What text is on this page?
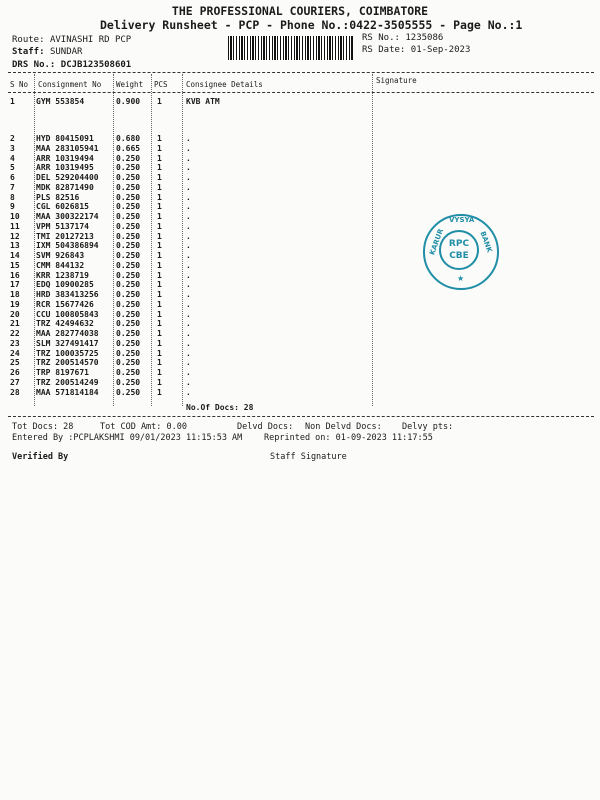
THE PROFESSIONAL COURIERS, COIMBATORE
Delivery Runsheet - PCP - Phone No.:0422-3505555 - Page No.:1
Route: AVINASHI RD PCP
Staff: SUNDAR
DRS No.: DCJB123508601
RS No.: 1235086
RS Date: 01-Sep-2023
S No Consignment No Weight PCS Consignee Details	Signature
1	GYM 553854	0.900 1	KVB ATM
2	HYD 80415091	0.680 1	.
3	MAA 283105941 0.665 1	.
4	ARR 10319494	0.250 1	.
5	ARR 10319495	0.250 1	.
6	DEL 529204400 0.250 1	.
7	MDK 82871490	0.250 1	.
8	PLS 82516	0.250 1	.
9	CGL 6026815	0.250 1	.
10 MAA 300322174 0.250 1	.
11 VPM 5137174	0.250 1	.
12 TMI 20127213	0.250 1	.
13 IXM 504386894 0.250 1	.
14 SVM 926843	0.250 1	.
15 CMM 844132	0.250 1	.
16 KRR 1238719	0.250 1	.
17 EDQ 10900285	0.250 1	.
18 HRD 383413256 0.250 1	.
19 RCR 15677426	0.250 1	.
20 CCU 100805843 0.250 1	.
21 TRZ 42494632	0.250 1	.
22 MAA 282774038 0.250 1	.
23 SLM 327491417 0.250 1	.
24 TRZ 100035725 0.250 1	.
25 TRZ 200514570 0.250 1	.
26 TRP 8197671	0.250 1	.
27 TRZ 200514249 0.250 1	.
28 MAA 571814184 0.250 1	.
No.Of Docs: 28
Tot Docs: 28	Tot COD Amt: 0.00	Delvd Docs: Non Delvd Docs: Delvy pts:
Entered By :PCPLAKSHMI 09/01/2023 11:15:53 AM	Reprinted on: 01-09-2023 11:17:55
Verified By	Staff Signature
KARUR
VYSYA
BANK
RPC
CBE
★
